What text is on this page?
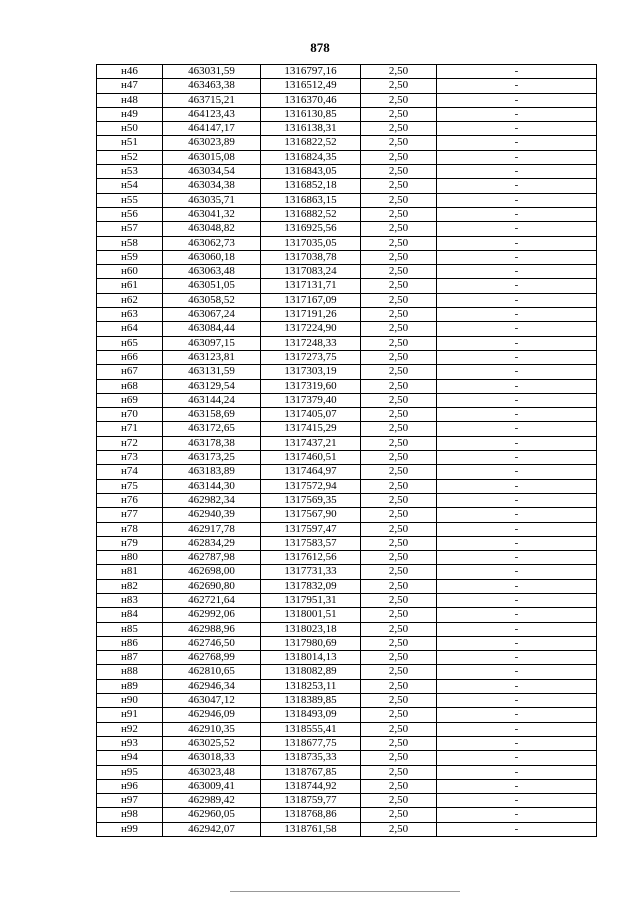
878
н46	463031,59	1316797,16	2,50	-
н47	463463,38	1316512,49	2,50	-
н48	463715,21	1316370,46	2,50	-
н49	464123,43	1316130,85	2,50	-
н50	464147,17	1316138,31	2,50	-
н51	463023,89	1316822,52	2,50	-
н52	463015,08	1316824,35	2,50	-
н53	463034,54	1316843,05	2,50	-
н54	463034,38	1316852,18	2,50	-
н55	463035,71	1316863,15	2,50	-
н56	463041,32	1316882,52	2,50	-
н57	463048,82	1316925,56	2,50	-
н58	463062,73	1317035,05	2,50	-
н59	463060,18	1317038,78	2,50	-
н60	463063,48	1317083,24	2,50	-
н61	463051,05	1317131,71	2,50	-
н62	463058,52	1317167,09	2,50	-
н63	463067,24	1317191,26	2,50	-
н64	463084,44	1317224,90	2,50	-
н65	463097,15	1317248,33	2,50	-
н66	463123,81	1317273,75	2,50	-
н67	463131,59	1317303,19	2,50	-
н68	463129,54	1317319,60	2,50	-
н69	463144,24	1317379,40	2,50	-
н70	463158,69	1317405,07	2,50	-
н71	463172,65	1317415,29	2,50	-
н72	463178,38	1317437,21	2,50	-
н73	463173,25	1317460,51	2,50	-
н74	463183,89	1317464,97	2,50	-
н75	463144,30	1317572,94	2,50	-
н76	462982,34	1317569,35	2,50	-
н77	462940,39	1317567,90	2,50	-
н78	462917,78	1317597,47	2,50	-
н79	462834,29	1317583,57	2,50	-
н80	462787,98	1317612,56	2,50	-
н81	462698,00	1317731,33	2,50	-
н82	462690,80	1317832,09	2,50	-
н83	462721,64	1317951,31	2,50	-
н84	462992,06	1318001,51	2,50	-
н85	462988,96	1318023,18	2,50	-
н86	462746,50	1317980,69	2,50	-
н87	462768,99	1318014,13	2,50	-
н88	462810,65	1318082,89	2,50	-
н89	462946,34	1318253,11	2,50	-
н90	463047,12	1318389,85	2,50	-
н91	462946,09	1318493,09	2,50	-
н92	462910,35	1318555,41	2,50	-
н93	463025,52	1318677,75	2,50	-
н94	463018,33	1318735,33	2,50	-
н95	463023,48	1318767,85	2,50	-
н96	463009,41	1318744,92	2,50	-
н97	462989,42	1318759,77	2,50	-
н98	462960,05	1318768,86	2,50	-
н99	462942,07	1318761,58	2,50	-
